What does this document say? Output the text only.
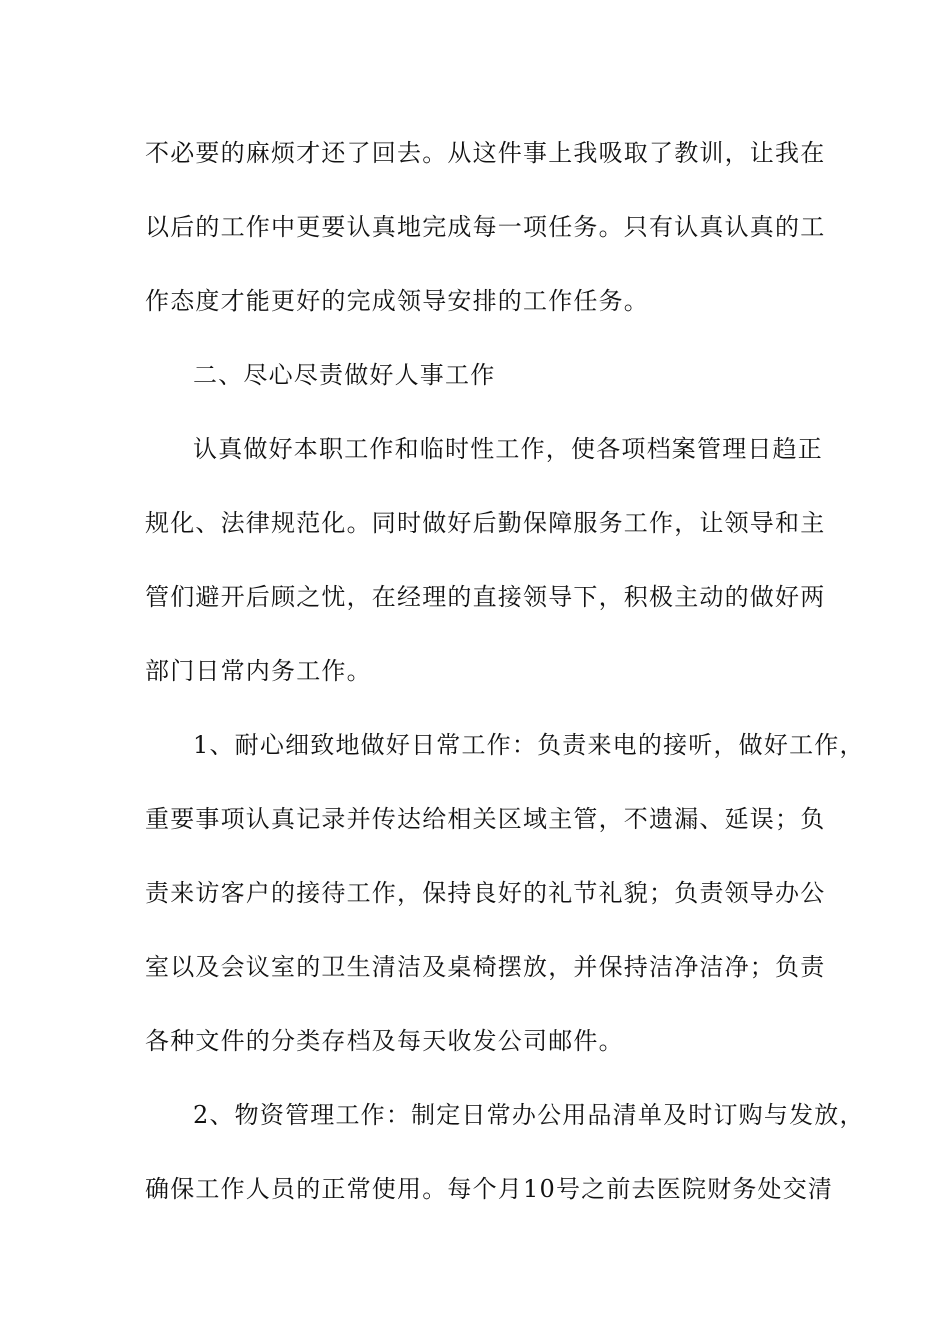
不必要的麻烦才还了回去。从这件事上我吸取了教训，让我在
以后的工作中更要认真地完成每一项任务。只有认真认真的工
作态度才能更好的完成领导安排的工作任务。
二、尽心尽责做好人事工作
认真做好本职工作和临时性工作，使各项档案管理日趋正
规化、法律规范化。同时做好后勤保障服务工作，让领导和主
管们避开后顾之忧，在经理的直接领导下，积极主动的做好两
部门日常内务工作。
1、耐心细致地做好日常工作：负责来电的接听，做好工作，
重要事项认真记录并传达给相关区域主管，不遗漏、延误；负
责来访客户的接待工作，保持良好的礼节礼貌；负责领导办公
室以及会议室的卫生清洁及桌椅摆放，并保持洁净洁净；负责
各种文件的分类存档及每天收发公司邮件。
2、物资管理工作：制定日常办公用品清单及时订购与发放，
确保工作人员的正常使用。每个月10号之前去医院财务处交清
